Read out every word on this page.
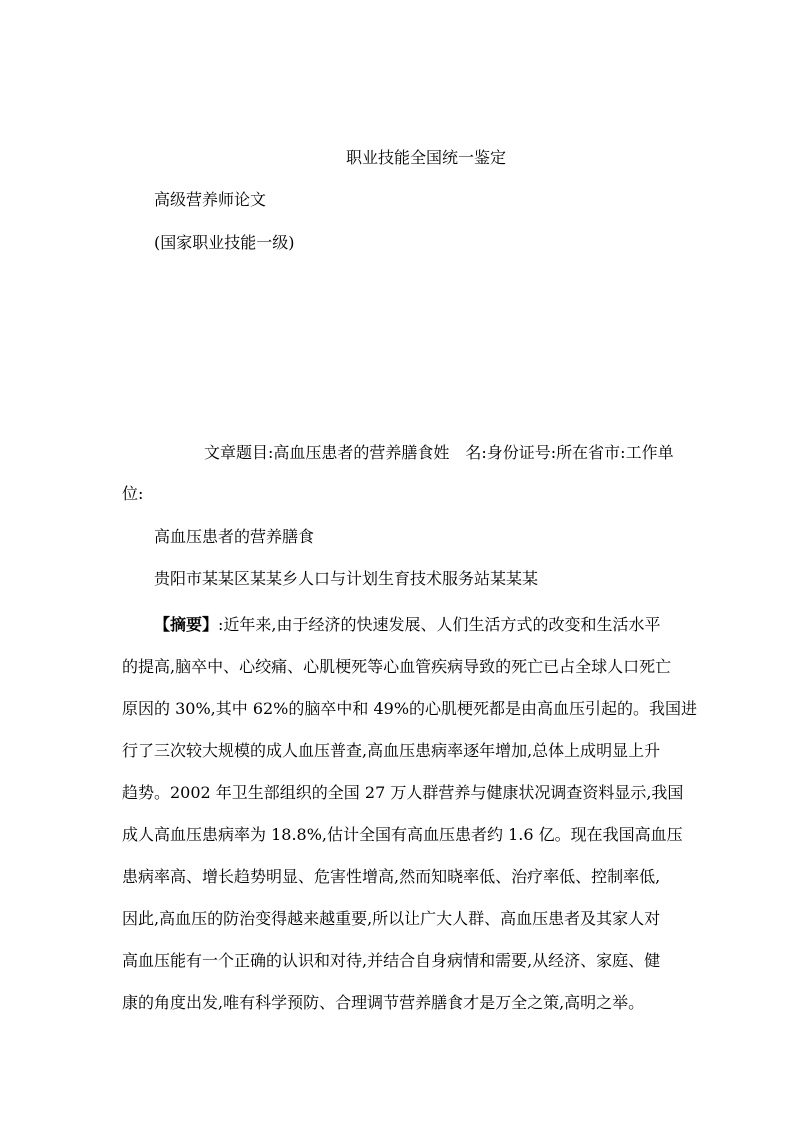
职业技能全国统一鉴定
高级营养师论文
(国家职业技能一级)
文章题目:高血压患者的营养膳食姓　名:身份证号:所在省市:工作单
位:
高血压患者的营养膳食
贵阳市某某区某某乡人口与计划生育技术服务站某某某
【摘要】:近年来,由于经济的快速发展、人们生活方式的改变和生活水平
的提高,脑卒中、心绞痛、心肌梗死等心血管疾病导致的死亡已占全球人口死亡
原因的 30%,其中 62%的脑卒中和 49%的心肌梗死都是由高血压引起的。我国进
行了三次较大规模的成人血压普查,高血压患病率逐年增加,总体上成明显上升
趋势。2002 年卫生部组织的全国 27 万人群营养与健康状况调查资料显示,我国
成人高血压患病率为 18.8%,估计全国有高血压患者约 1.6 亿。现在我国高血压
患病率高、增长趋势明显、危害性增高,然而知晓率低、治疗率低、控制率低,
因此,高血压的防治变得越来越重要,所以让广大人群、高血压患者及其家人对
高血压能有一个正确的认识和对待,并结合自身病情和需要,从经济、家庭、健
康的角度出发,唯有科学预防、合理调节营养膳食才是万全之策,高明之举。
